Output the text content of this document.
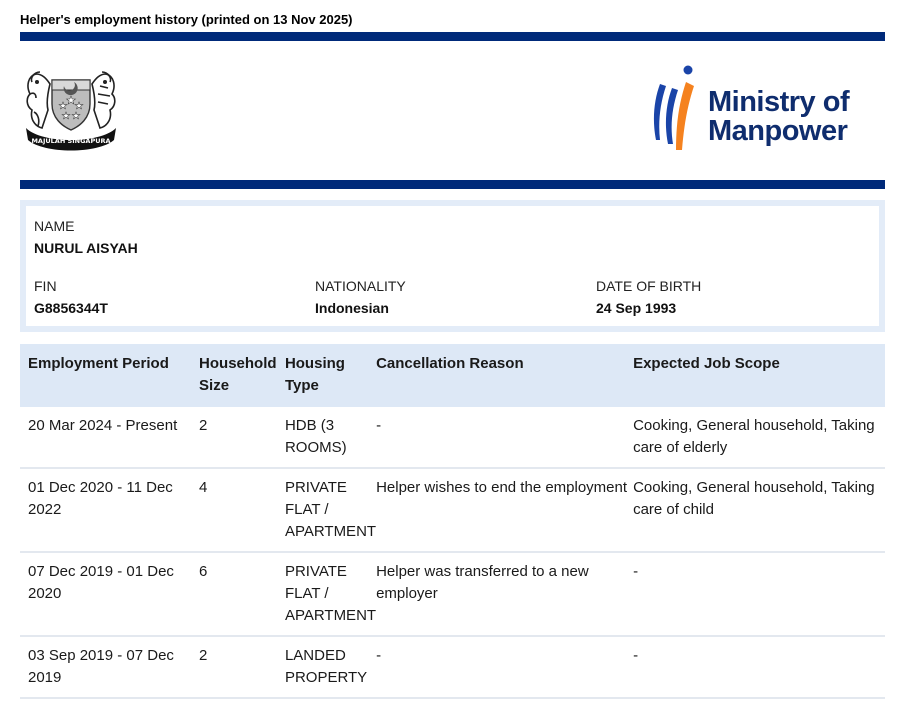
Helper's employment history (printed on 13 Nov 2025)
MAJULAH SINGAPURA
Ministry of
Manpower
NAME
NURUL AISYAH
FIN
G8856344T
NATIONALITY
Indonesian
DATE OF BIRTH
24 Sep 1993
Employment Period	Household Size	Housing Type	Cancellation Reason	Expected Job Scope
20 Mar 2024 - Present	2	HDB (3 ROOMS)	-	Cooking, General household, Taking care of elderly
01 Dec 2020 - 11 Dec 2022	4	PRIVATE FLAT / APARTMENT	Helper wishes to end the employment	Cooking, General household, Taking care of child
07 Dec 2019 - 01 Dec 2020	6	PRIVATE FLAT / APARTMENT	Helper was transferred to a new employer	-
03 Sep 2019 - 07 Dec 2019	2	LANDED PROPERTY	-	-
